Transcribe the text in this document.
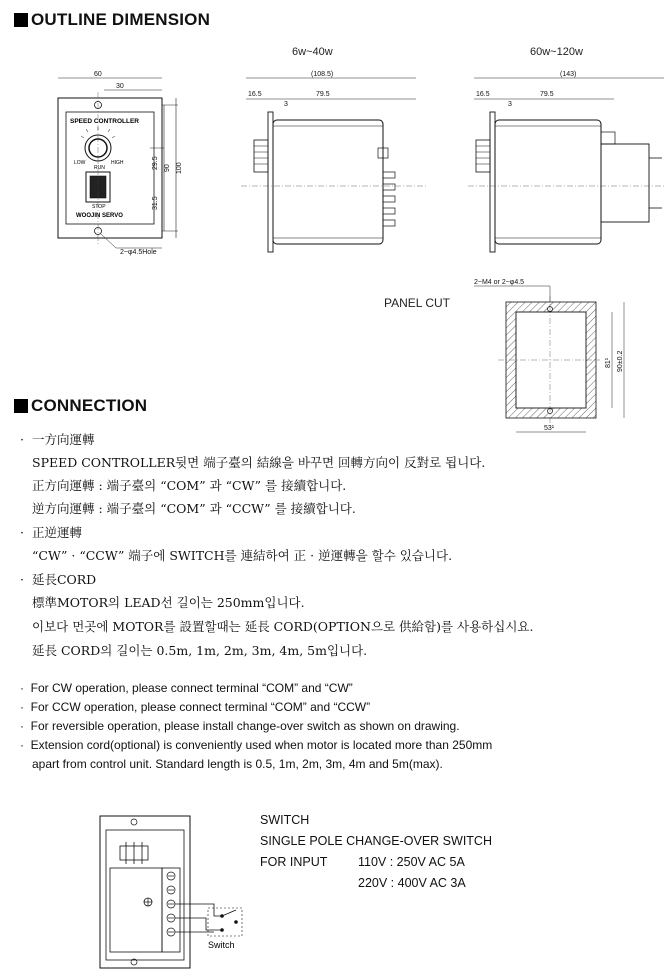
OUTLINE DIMENSION
6w~40w	60w~120w
60
30
SPEED CONTROLLER
LOW	HIGH
RUN
STOP
WOOJIN SERVO
29.5
31.5
90 100
2~φ4.5Hole
(108.5)
16.5	79.5
3
(143)
16.5	79.5
3
PANEL CUT
2~M4 or 2~φ4.5
81¹ 90±0.2
53¹
CONNECTION
· 一方向運轉
SPEED CONTROLLER뒷면 端子臺의 結線을 바꾸면 回轉方向이 反對로 됩니다.
正方向運轉 : 端子臺의 “COM” 과 “CW” 를 接續합니다.
逆方向運轉 : 端子臺의 “COM” 과 “CCW” 를 接續합니다.
· 正逆運轉
“CW” · “CCW” 端子에 SWITCH를 連結하여 正 · 逆運轉을 할수 있습니다.
· 延長CORD
標準MOTOR의 LEAD선 길이는 250mm입니다.
이보다 먼곳에 MOTOR를 設置할때는 延長 CORD(OPTION으로 供給함)를 사용하십시요.
延長 CORD의 길이는 0.5m, 1m, 2m, 3m, 4m, 5m입니다.
· For CW operation, please connect terminal “COM” and “CW”
· For CCW operation, please connect terminal “COM” and “CCW”
· For reversible operation, please install change-over switch as shown on drawing.
· Extension cord(optional) is conveniently used when motor is located more than 250mm
apart from control unit. Standard length is 0.5, 1m, 2m, 3m, 4m and 5m(max).
Switch
SWITCH
SINGLE POLE CHANGE-OVER SWITCH
FOR INPUT 110V : 250V AC 5A
220V : 400V AC 3A
